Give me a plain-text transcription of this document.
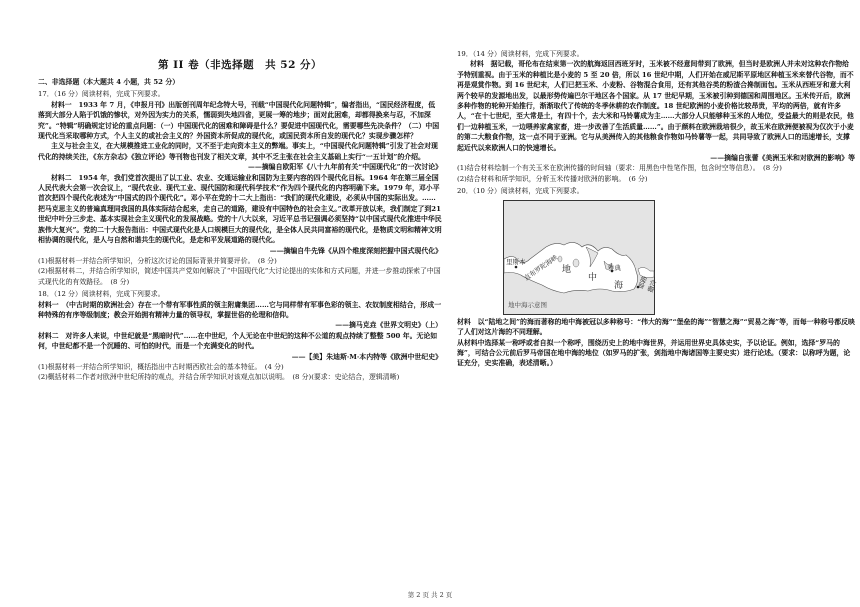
第 II 卷（非选择题　共 52 分）

二、非选择题（本大题共 4 小题，共 52 分）

17．（16 分）阅读材料，完成下列要求。

材料一　1933 年 7 月，《申报月刊》出版创刊周年纪念特大号，刊载“中国现代化问题特辑”，编者指出，“国民经济程度，低落到大部分人陷于饥饿的惨状，对外因为实力的关系，懦弱到失地四省，更展一筹的地步；面对此困难，却都得换来与忍，不加深究”。“特辑”明确规定讨论的重点问题：（一）中国现代化的困难和障碍是什么？要促进中国现代化，需要哪些先决条件？（二）中国现代化当采取哪种方式，个人主义的或社会主义的？外国资本所促成的现代化，或国民资本所自发的现代化？实现步骤怎样？

主义与社会主义，在大规模推进工业化的同时，又不至于走向资本主义的弊端。事实上，“中国现代化问题特辑”引发了社会对现代化的持续关注，《东方杂志》《独立评论》等刊物也刊发了相关文章，其中不乏主张在社会主义基础上实行“一五计划”的介绍。

——摘编自欧阳军《八十九年前有关“中国现代化”的一次讨论》

材料二　1954 年，我们党首次提出了以工业、农业、交通运输业和国防为主要内容的四个现代化目标。1964 年在第三届全国人民代表大会第一次会议上，“现代农业、现代工业、现代国防和现代科学技术”作为四个现代化的内容明确下来。1979 年，邓小平首次把四个现代化表述为“中国式的四个现代化”。邓小平在党的十二大上指出：“我们的现代化建设，必须从中国的实际出发。……把马克思主义的普遍真理同我国的具体实际结合起来，走自己的道路，建设有中国特色的社会主义。”改革开放以来，我们制定了到21世纪中叶分三步走、基本实现社会主义现代化的发展战略。党的十八大以来，习近平总书记强调必须坚持“以中国式现代化推进中华民族伟大复兴”。党的二十大报告指出：中国式现代化是人口规模巨大的现代化，是全体人民共同富裕的现代化，是物质文明和精神文明相协调的现代化，是人与自然和谐共生的现代化，是走和平发展道路的现代化。

——摘编自牛先锋《从四个维度深刻把握中国式现代化》

(1)根据材料一并结合所学知识，分析这次讨论的国际背景并简要评价。　(8 分)

(2)根据材料二，并结合所学知识，简述中国共产党如何解决了“中国现代化”大讨论提出的实体和方式问题，并进一步推动探索了中国式现代化的有效路径。　(8 分)

18．（12 分）阅读材料，完成下列要求。

材料一　（中古时期的欧洲社会）存在一个带有军事性质的领主附庸集团……它与同样带有军事色彩的领主、农奴制度相结合，形成一种特殊的有序等级制度；教会开始拥有精神力量的领导权，掌握世俗的伦理和信仰。

——摘马克垚《世界文明史》（上）

材料二　对许多人来说，中世纪就是“黑暗时代”……在中世纪，个人无论在中世纪的这种不公道的观点持续了整整 500 年。无论如何，中世纪都不是一个沉睡的、可怕的时代，而是一个充满变化的时代。

——【美】朱迪斯·M·本内特等《欧洲中世纪史》

(1)根据材料一并结合所学知识，概括指出中古时期西欧社会的基本特征。　(4 分)

(2)概括材料二作者对欧洲中世纪所持的观点，并结合所学知识对该观点加以说明。　(8 分)(要求：史论结合，逻辑清晰)

19．（14 分）阅读材料，完成下列要求。

材料　据记载，哥伦布在结束第一次的航海返回西班牙时，玉米被不经意间带到了欧洲，但当时是欧洲人并未对这种农作物给予特别重视。由于玉米的种植比是小麦的 5 至 20 倍，所以 16 世纪中期，人们开始在威尼斯平原地区种植玉米来替代谷物，而不再是观赏作物。到 16 世纪末，人们已把玉米、小麦粉、谷物混合食用，还有其他谷类的粉渣合搀制面包。玉米从西班牙和意大利两个较早的发源地出发，以最形势传遍巴尔干地区各个国家。从 17 世纪早期，玉米被引种到德国和周围地区。玉米传开后，欧洲多种作物的轮种开始推行，渐渐取代了传统的冬季休耕的农作制度。18 世纪欧洲的小麦价格比较昂贵，平均的两倍，就有许多人，“在十七世纪，至大常是土，有四十个，去大米和马铃薯成为主……大部分人只能够种玉米的人地位，受益最大的则是农民，他们一边种植玉米，一边喂养家禽家畜，进一步改善了生活质量……”。由于颜料在欧洲栽培很少，故玉米在欧洲便被视为仅次于小麦的第二大粮食作物，这一点不同于亚洲。它与从美洲传入的其他粮食作物如马铃薯等一起，共同导致了欧洲人口的迅速增长，支撑起近代以来欧洲人口的快速增长。

——摘编自张蕾《美洲玉米和对欧洲的影响》等

(1)结合材料绘制一个有关玉米在欧洲传播的时间轴（要求：用黑色中性笔作图，包含时空等信息）。　(8 分)

(2)结合材料和所学知识，分析玉米传播对欧洲的影响。　(6 分)

20．（10 分）阅读材料，完成下列要求。

里斯本
直布罗陀海峡 地
中
海
雅典
耶路撒冷
地中海示意图

材料　以“陆地之间”的海而著称的地中海被冠以多种称号：“伟大的海”“堡垒的海”“智慧之海”“贸易之海”等，而每一种称号都反映了人们对这片海的不同理解。

从材料中选择某一称呼或者自拟一个称呼，围绕历史上的地中海世界，并运用世界史具体史实，予以论证。例如，选择“罗马的海”，可结合公元前后罗马帝国在地中海的地位（如罗马的扩张，剑指地中海诸国等主要史实）进行论述。（要求：以称呼为题，论证充分，史实准确，表述清晰。）

第 2 页 共 2 页
